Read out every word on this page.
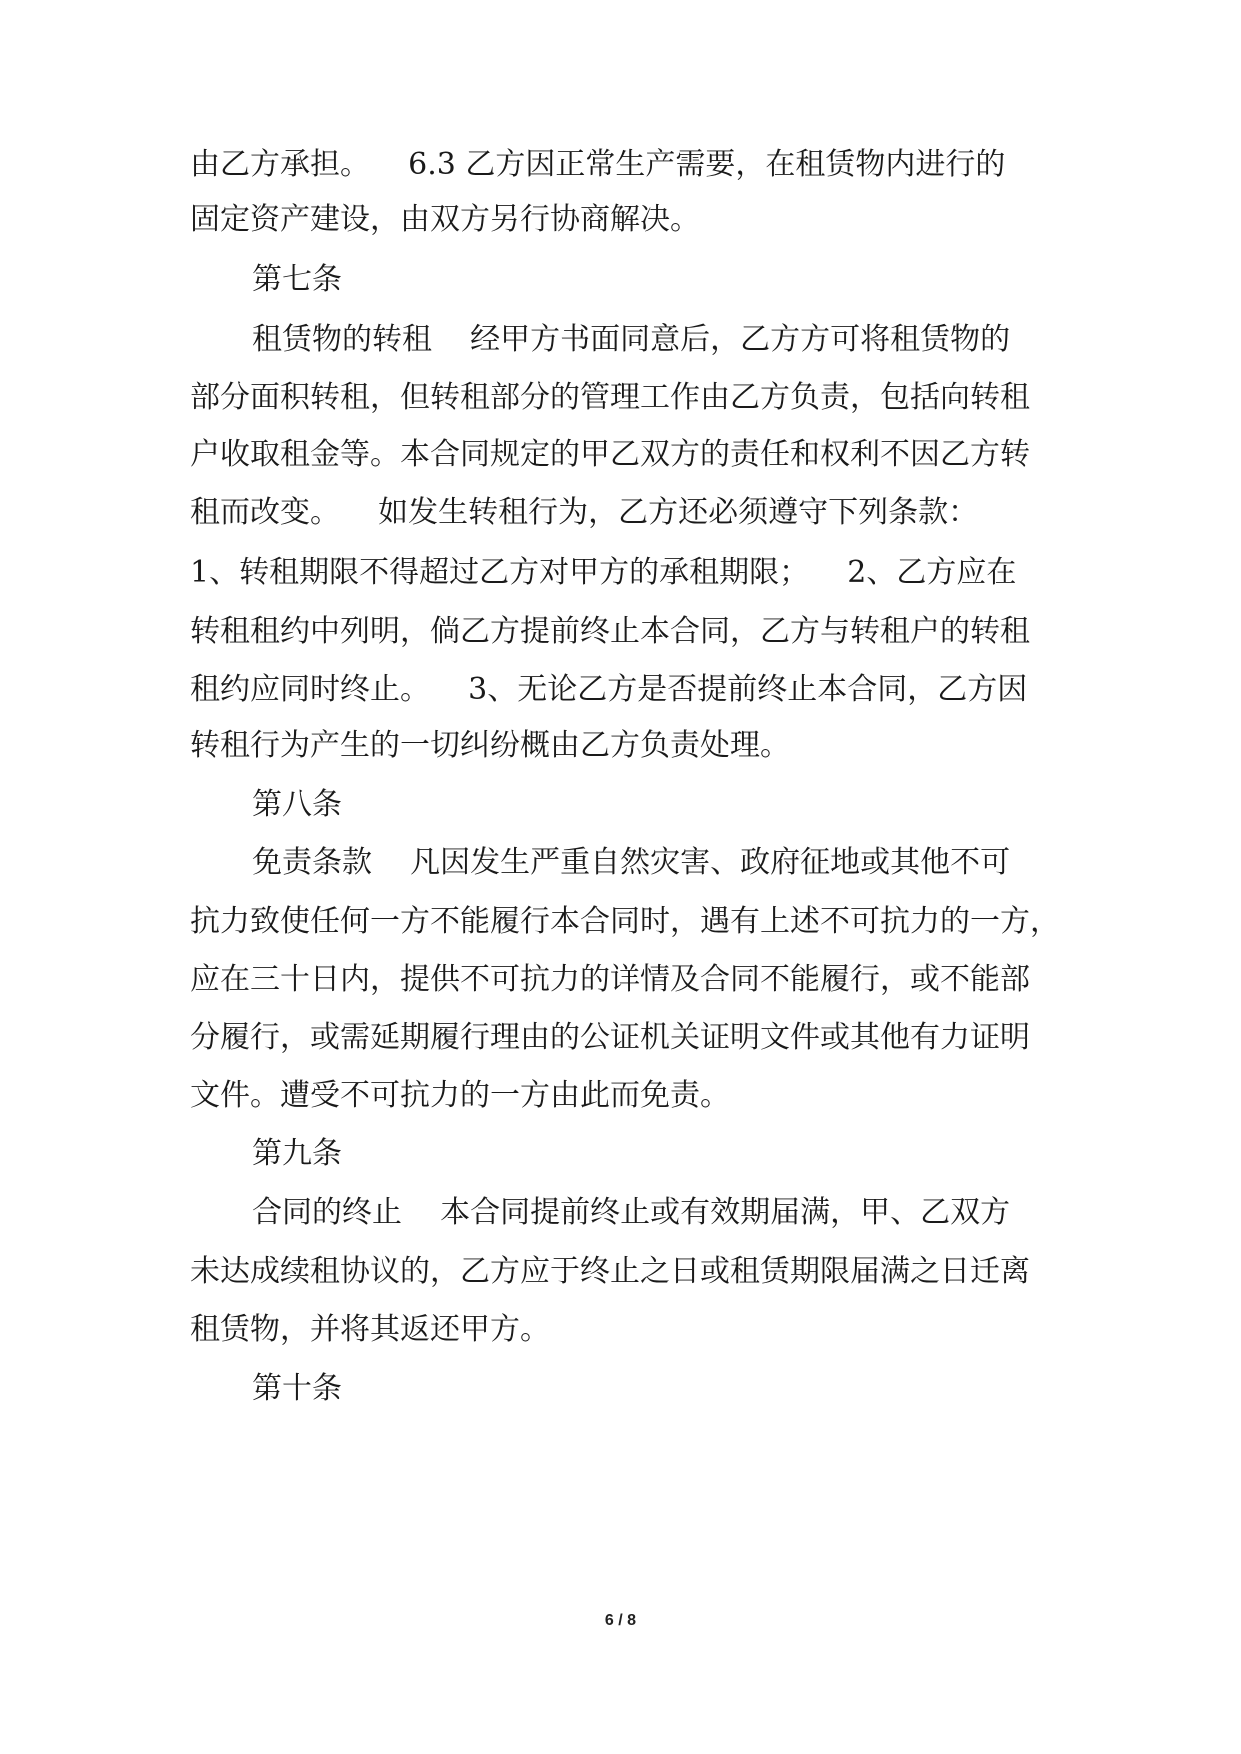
由乙方承担。    6.3 乙方因正常生产需要，在租赁物内进行的
固定资产建设，由双方另行协商解决。
第七条
租赁物的转租    经甲方书面同意后，乙方方可将租赁物的
部分面积转租，但转租部分的管理工作由乙方负责，包括向转租
户收取租金等。本合同规定的甲乙双方的责任和权利不因乙方转
租而改变。    如发生转租行为，乙方还必须遵守下列条款：
1、转租期限不得超过乙方对甲方的承租期限；    2、乙方应在
转租租约中列明，倘乙方提前终止本合同，乙方与转租户的转租
租约应同时终止。    3、无论乙方是否提前终止本合同，乙方因
转租行为产生的一切纠纷概由乙方负责处理。
第八条
免责条款    凡因发生严重自然灾害、政府征地或其他不可
抗力致使任何一方不能履行本合同时，遇有上述不可抗力的一方，
应在三十日内，提供不可抗力的详情及合同不能履行，或不能部
分履行，或需延期履行理由的公证机关证明文件或其他有力证明
文件。遭受不可抗力的一方由此而免责。
第九条
合同的终止    本合同提前终止或有效期届满，甲、乙双方
未达成续租协议的，乙方应于终止之日或租赁期限届满之日迁离
租赁物，并将其返还甲方。
第十条
6 / 8
